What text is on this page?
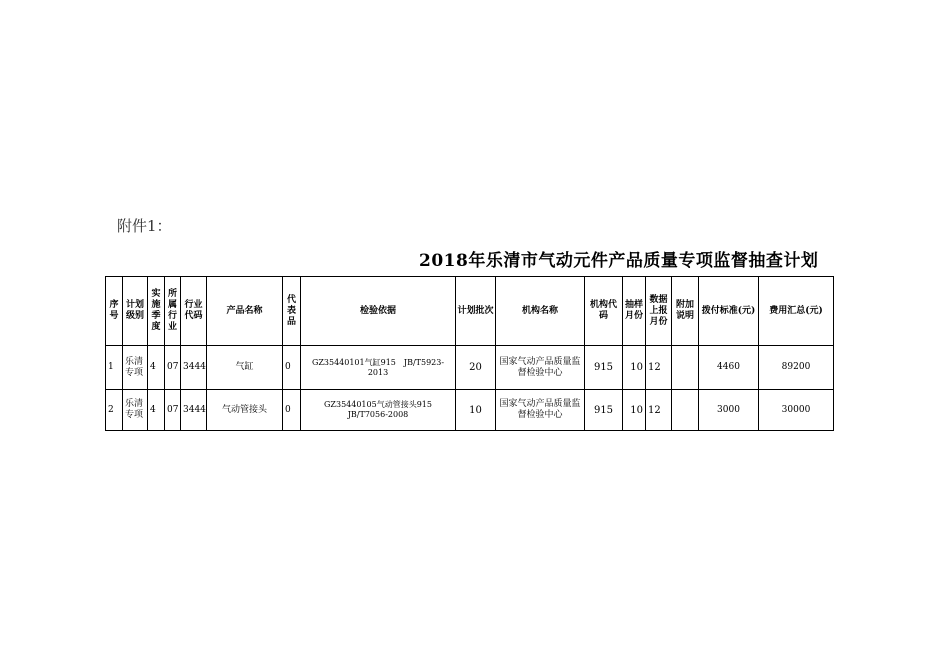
附件1：
2018年乐清市气动元件产品质量专项监督抽查计划
序号	计划级别	实施季度	所属行业	行业代码	产品名称	代表品	检验依据	计划批次	机构名称	机构代码	抽样月份	数据上报月份	附加说明	拨付标准(元)	费用汇总(元)
1	乐清专项	4	07	3444	气缸	0	GZ35440101气缸915　JB/T5923-2013	20	国家气动产品质量监督检验中心	915	10	12		4460	89200
2	乐清专项	4	07	3444	气动管接头	0	GZ35440105气动管接头915　JB/T7056-2008	10	国家气动产品质量监督检验中心	915	10	12		3000	30000
